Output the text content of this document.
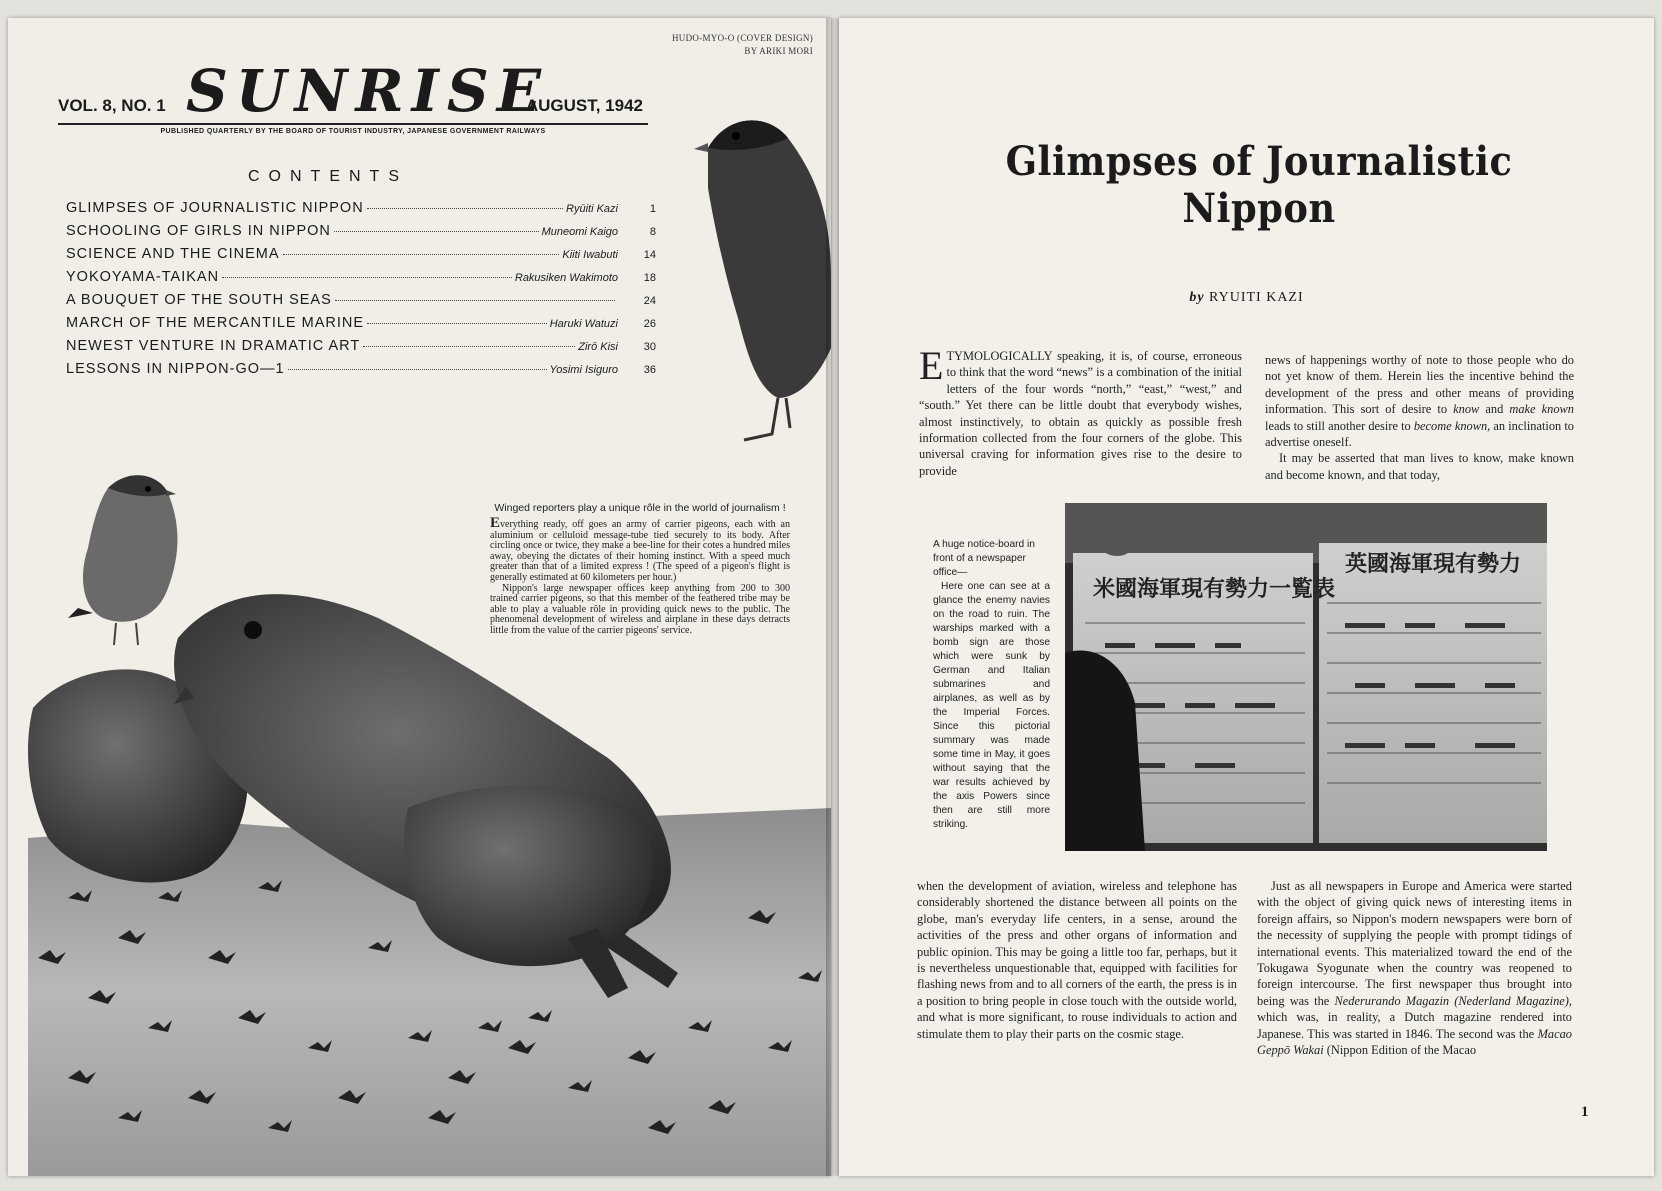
HUDO-MYO-O (COVER DESIGN)
BY ARIKI MORI
VOL. 8, NO. 1 SUNRISE
AUGUST, 1942
PUBLISHED QUARTERLY BY THE BOARD OF TOURIST INDUSTRY, JAPANESE GOVERNMENT RAILWAYS
CONTENTS
GLIMPSES OF JOURNALISTIC NIPPON	Ryūiti Kazi	1
SCHOOLING OF GIRLS IN NIPPON	Muneomi Kaigo	8
SCIENCE AND THE CINEMA	Kiiti Iwabuti	14
YOKOYAMA-TAIKAN	Rakusiken Wakimoto	18
A BOUQUET OF THE SOUTH SEAS	24
MARCH OF THE MERCANTILE MARINE	Haruki Watuzi	26
NEWEST VENTURE IN DRAMATIC ART	Zirō Kisi	30
LESSONS IN NIPPON-GO—1	Yosimi Isiguro	36
Winged reporters play a unique rôle in the world of journalism !

Everything ready, off goes an army of carrier pigeons, each with an aluminium or celluloid message-tube tied securely to its body. After circling once or twice, they make a bee-line for their cotes a hundred miles away, obeying the dictates of their homing instinct. With a speed much greater than that of a limited express ! (The speed of a pigeon's flight is generally estimated at 60 kilometers per hour.)

Nippon's large newspaper offices keep anything from 200 to 300 trained carrier pigeons, so that this member of the feathered tribe may be able to play a valuable rôle in providing quick news to the public. The phenomenal development of wireless and airplane in these days detracts little from the value of the carrier pigeons' service.

Glimpses of Journalistic Nippon
by RYUITI KAZI

ETYMOLOGICALLY speaking, it is, of course, erroneous to think that the word “news” is a combination of the initial letters of the four words “north,” “east,” “west,” and “south.” Yet there can be little doubt that everybody wishes, almost instinctively, to obtain as quickly as possible fresh information collected from the four corners of the globe. This universal craving for information gives rise to the desire to provide

news of happenings worthy of note to those people who do not yet know of them. Herein lies the incentive behind the development of the press and other means of providing information. This sort of desire to know and make known leads to still another desire to become known, an inclination to advertise oneself.

It may be asserted that man lives to know, make known and become known, and that today,

A huge notice-board in front of a newspaper office—

Here one can see at a glance the enemy navies on the road to ruin. The warships marked with a bomb sign are those which were sunk by German and Italian submarines and airplanes, as well as by the Imperial Forces. Since this pictorial summary was made some time in May, it goes without saying that the war results achieved by the axis Powers since then are still more striking.

米國海軍現有勢力一覧表
英國海軍現有勢力

when the development of aviation, wireless and telephone has considerably shortened the distance between all points on the globe, man's everyday life centers, in a sense, around the activities of the press and other organs of information and public opinion. This may be going a little too far, perhaps, but it is nevertheless unquestionable that, equipped with facilities for flashing news from and to all corners of the earth, the press is in a position to bring people in close touch with the outside world, and what is more significant, to rouse individuals to action and stimulate them to play their parts on the cosmic stage.

Just as all newspapers in Europe and America were started with the object of giving quick news of interesting items in foreign affairs, so Nippon's modern newspapers were born of the necessity of supplying the people with prompt tidings of international events. This materialized toward the end of the Tokugawa Syogunate when the country was reopened to foreign intercourse. The first newspaper thus brought into being was the Nederurando Magazin (Nederland Magazine), which was, in reality, a Dutch magazine rendered into Japanese. This was started in 1846. The second was the Macao Geppō Wakai (Nippon Edition of the Macao

1
